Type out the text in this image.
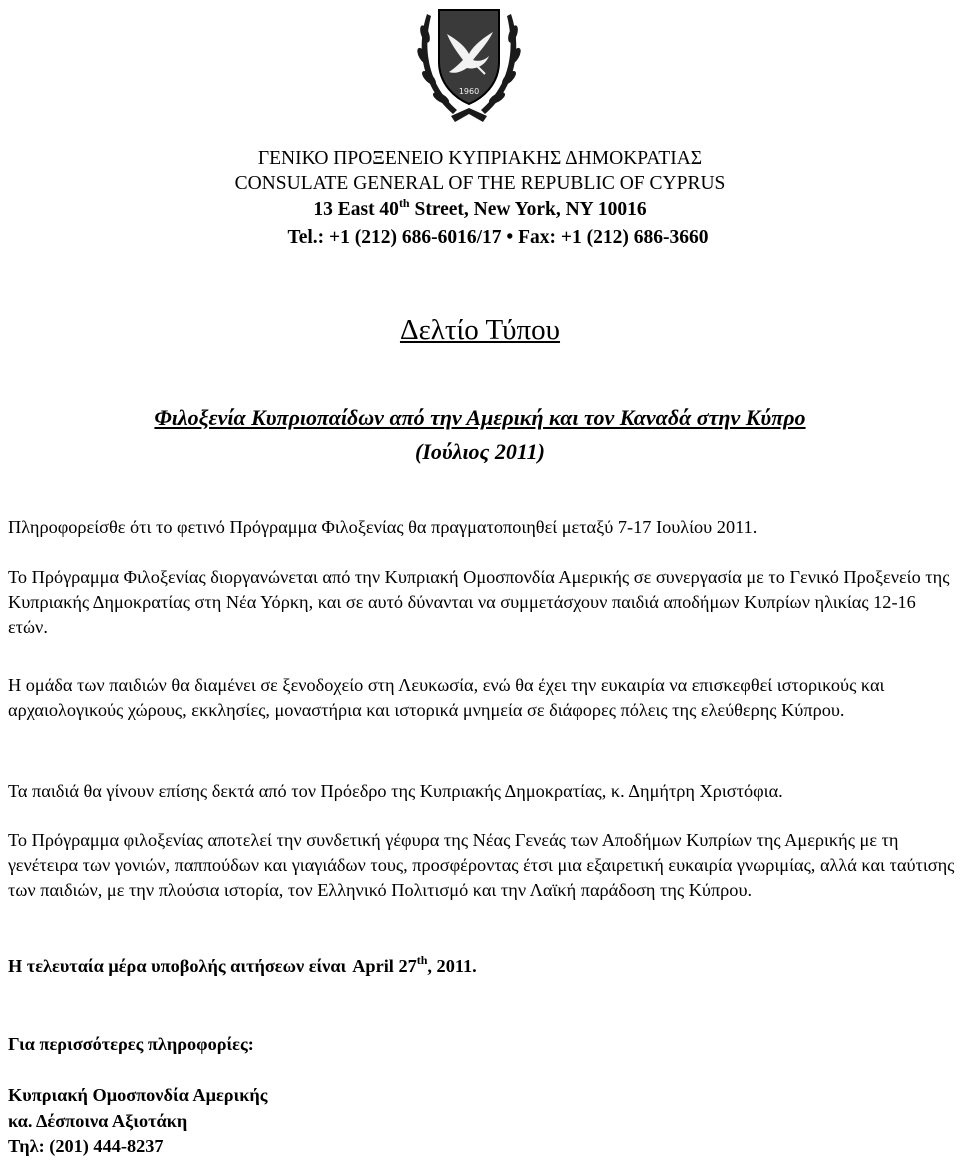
1960
ΓΕΝΙΚΟ ΠΡΟΞΕΝΕΙΟ ΚΥΠΡΙΑΚΗΣ ΔΗΜΟΚΡΑΤΙΑΣ
CONSULATE GENERAL OF THE REPUBLIC OF CYPRUS
13 East 40th Street, New York, NY 10016
Tel.: +1 (212) 686-6016/17 • Fax: +1 (212) 686-3660
Δελτίο Τύπου
Φιλοξενία Κυπριοπαίδων από την Αμερική και τον Καναδά στην Κύπρο
(Ιούλιος 2011)
Πληροφορείσθε ότι το φετινό Πρόγραμμα Φιλοξενίας θα πραγματοποιηθεί μεταξύ 7-17 Ιουλίου 2011.
Το Πρόγραμμα Φιλοξενίας διοργανώνεται από την Κυπριακή Ομοσπονδία Αμερικής σε συνεργασία με το Γενικό Προξενείο της Κυπριακής Δημοκρατίας στη Νέα Υόρκη, και σε αυτό δύνανται να συμμετάσχουν παιδιά αποδήμων Κυπρίων ηλικίας 12-16 ετών.
Η ομάδα των παιδιών θα διαμένει σε ξενοδοχείο στη Λευκωσία, ενώ θα έχει την ευκαιρία να επισκεφθεί ιστορικούς και αρχαιολογικούς χώρους, εκκλησίες, μοναστήρια και ιστορικά μνημεία σε διάφορες πόλεις της ελεύθερης Κύπρου.
Τα παιδιά θα γίνουν επίσης δεκτά από τον Πρόεδρο της Κυπριακής Δημοκρατίας, κ. Δημήτρη Χριστόφια.
Το Πρόγραμμα φιλοξενίας αποτελεί την συνδετική γέφυρα της Νέας Γενεάς των Αποδήμων Κυπρίων της Αμερικής με τη γενέτειρα των γονιών, παππούδων και γιαγιάδων τους, προσφέροντας έτσι μια εξαιρετική ευκαιρία γνωριμίας, αλλά και ταύτισης των παιδιών, με την πλούσια ιστορία, τον Ελληνικό Πολιτισμό και την Λαϊκή παράδοση της Κύπρου.
Η τελευταία μέρα υποβολής αιτήσεων είναι April 27th, 2011.
Για περισσότερες πληροφορίες:
Κυπριακή Ομοσπονδία Αμερικής
κα. Δέσποινα Αξιοτάκη
Τηλ: (201) 444-8237
